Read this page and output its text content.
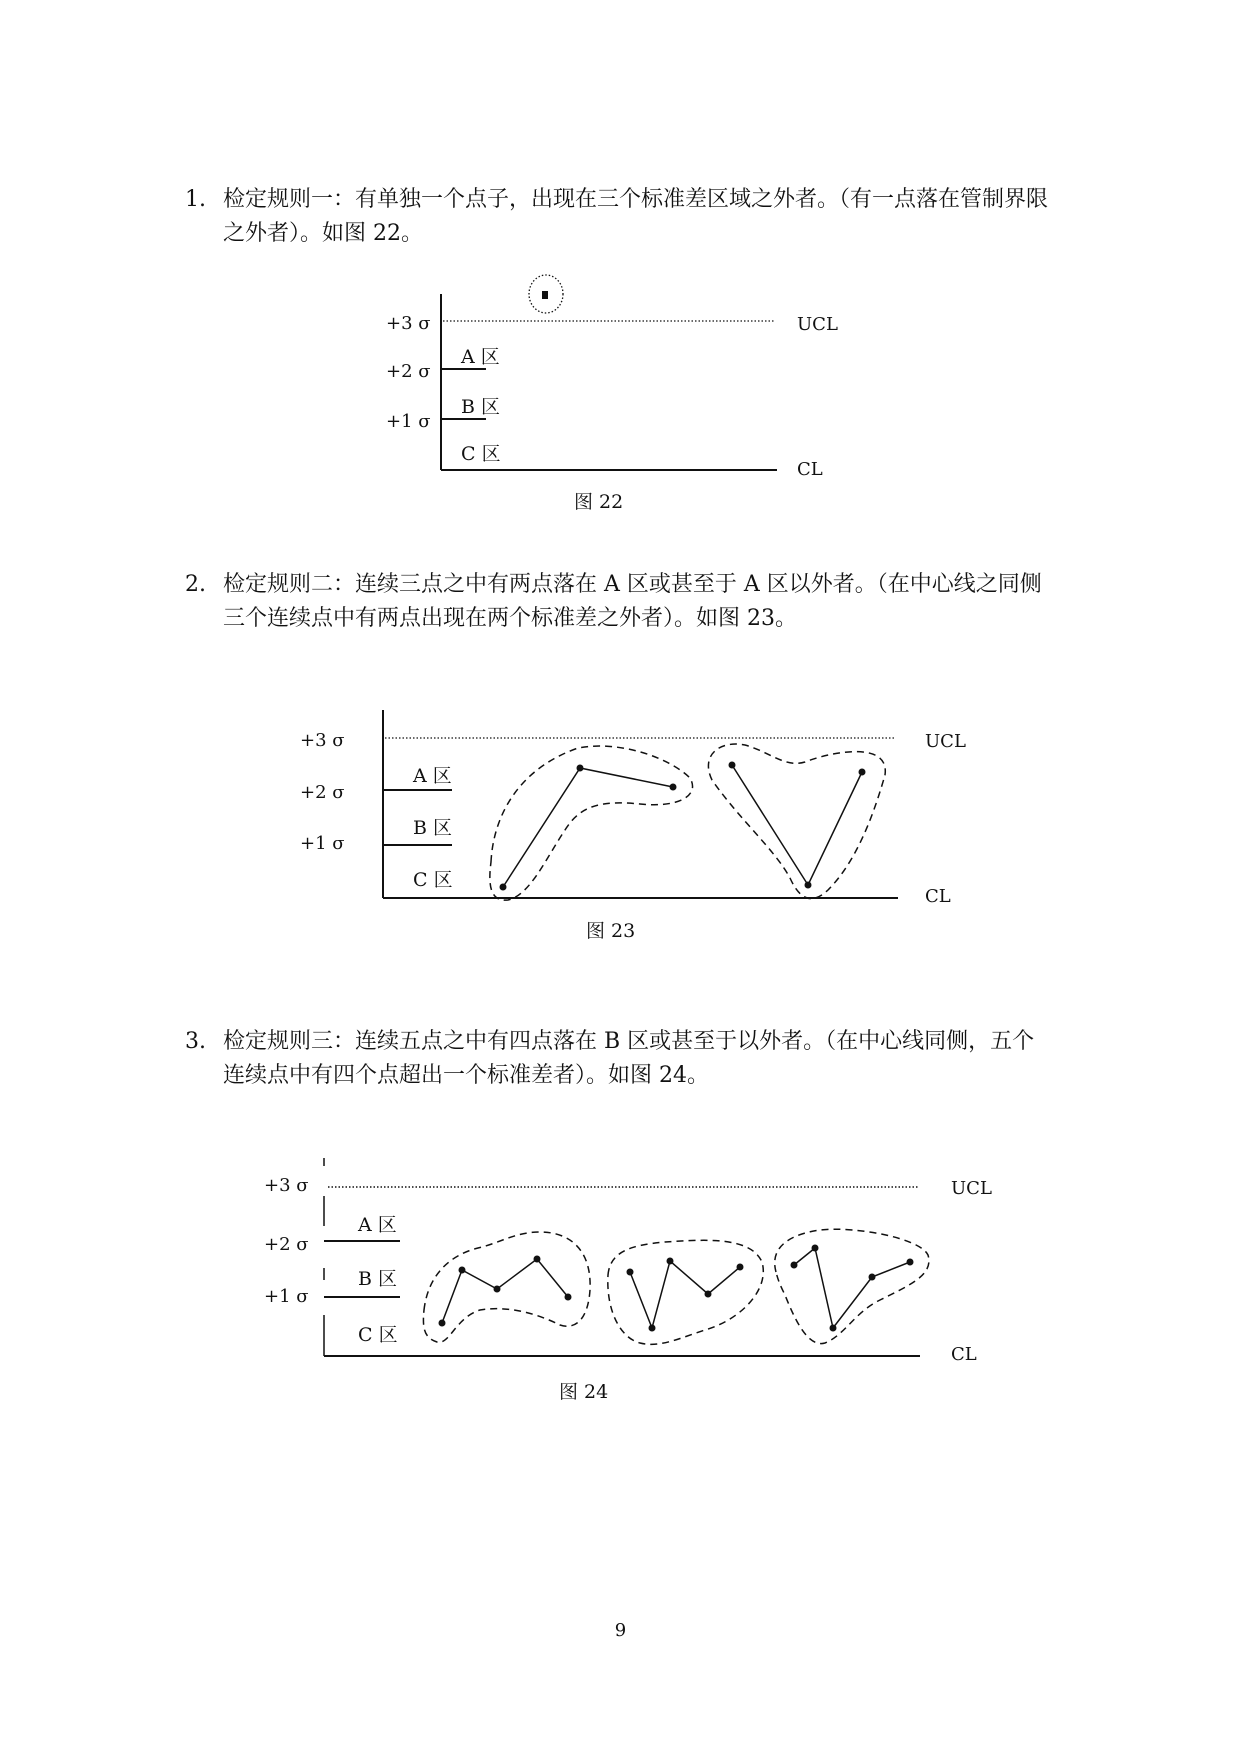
1. 检定规则一：有单独一个点子，出现在三个标准差区域之外者。（有一点落在管制界限之外者）。如图 22。
2. 检定规则二：连续三点之中有两点落在 A 区或甚至于 A 区以外者。（在中心线之同侧三个连续点中有两点出现在两个标准差之外者）。如图 23。
3. 检定规则三：连续五点之中有四点落在 B 区或甚至于以外者。（在中心线同侧，五个连续点中有四个点超出一个标准差者）。如图 24。
+3 σ
+2 σ
+1 σ
A 区
B 区
C 区
UCL
CL
图 22
+3 σ
+2 σ
+1 σ
A 区
B 区
C 区
UCL
CL
图 23
+3 σ
+2 σ
+1 σ
A 区
B 区
C 区
UCL
CL
图 24
9
